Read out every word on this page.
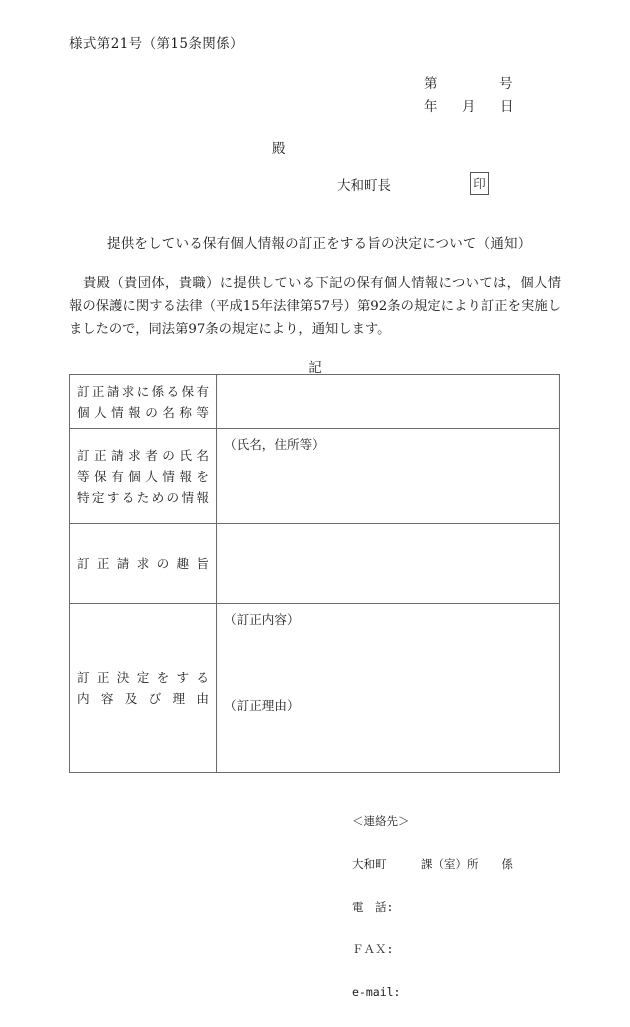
様式第21号（第15条関係）
第	号
年 月 日
殿
大和町長	印
提供をしている保有個人情報の訂正をする旨の決定について（通知）
貴殿（貴団体，貴職）に提供している下記の保有個人情報については，個人情報の保護に関する法律（平成15年法律第57号）第92条の規定により訂正を実施しましたので，同法第97条の規定により，通知します。
記
訂正請求に係る保有
個人情報の名称等	

訂正請求者の氏名
等保有個人情報を
特定するための情報	（氏名，住所等）

訂正請求の趣旨	

訂正決定をする
内容及び理由	（訂正内容）
（訂正理由）

＜連絡先＞

大和町　　　課（室）所　　係

電　話:

ＦＡＸ:

e-mail:
